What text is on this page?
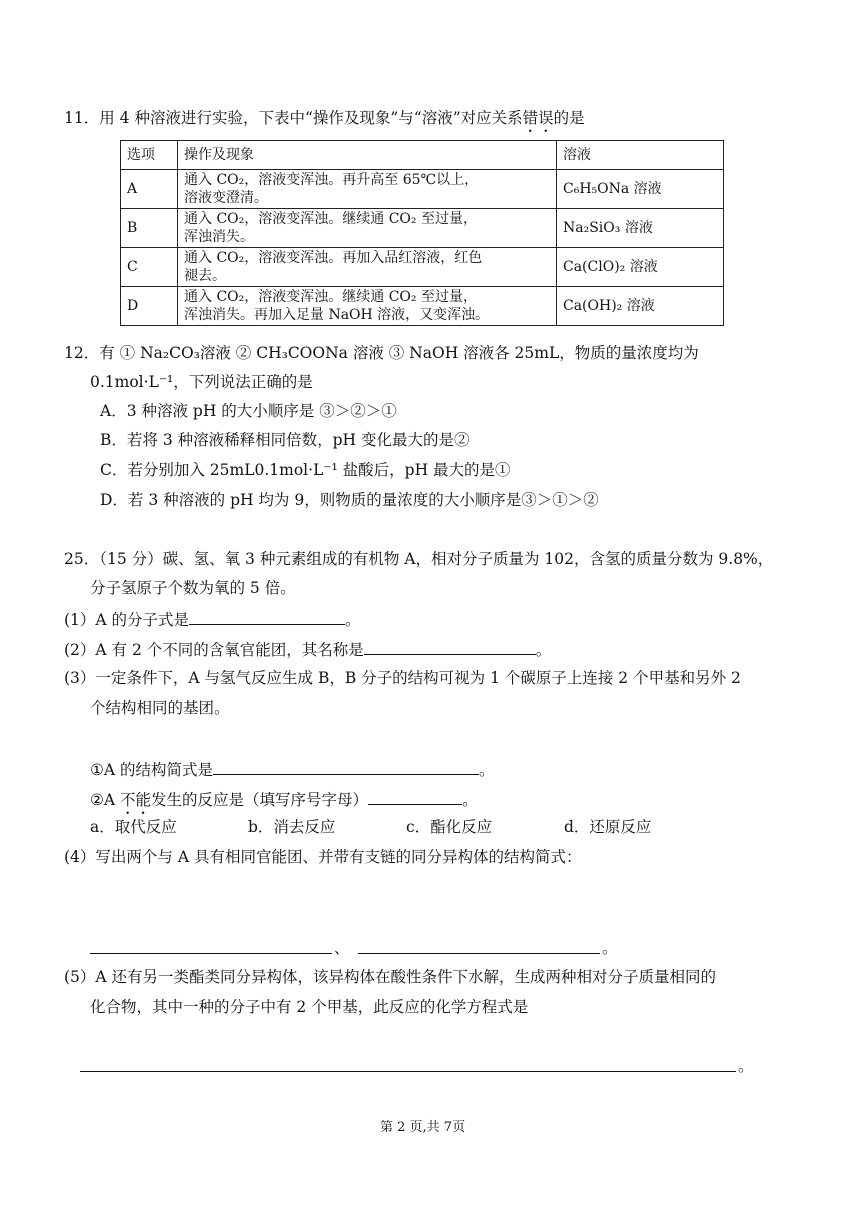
11．用 4 种溶液进行实验，下表中“操作及现象”与“溶液”对应关系错误的是
选项	操作及现象	溶液
A	通入 CO₂，溶液变浑浊。再升高至 65℃以上，
溶液变澄清。	C₆H₅ONa 溶液
B	通入 CO₂，溶液变浑浊。继续通 CO₂ 至过量，
浑浊消失。	Na₂SiO₃ 溶液
C	通入 CO₂，溶液变浑浊。再加入品红溶液，红色
褪去。	Ca(ClO)₂ 溶液
D	通入 CO₂，溶液变浑浊。继续通 CO₂ 至过量，
浑浊消失。再加入足量 NaOH 溶液，又变浑浊。	Ca(OH)₂ 溶液
12．有 ① Na₂CO₃溶液 ② CH₃COONa 溶液 ③ NaOH 溶液各 25mL，物质的量浓度均为
0.1mol·L⁻¹，下列说法正确的是
A．3 种溶液 pH 的大小顺序是 ③＞②＞①
B．若将 3 种溶液稀释相同倍数，pH 变化最大的是②
C．若分别加入 25mL0.1mol·L⁻¹ 盐酸后，pH 最大的是①
D．若 3 种溶液的 pH 均为 9，则物质的量浓度的大小顺序是③＞①＞②
25．（15 分）碳、氢、氧 3 种元素组成的有机物 A，相对分子质量为 102，含氢的质量分数为 9.8%，
分子氢原子个数为氧的 5 倍。
(1）A 的分子式是	。
(2）A 有 2 个不同的含氧官能团，其名称是	。
(3）一定条件下，A 与氢气反应生成 B，B 分子的结构可视为 1 个碳原子上连接 2 个甲基和另外 2
个结构相同的基团。
①A 的结构简式是	。
②A 不能发生的反应是（填写序号字母）	。
a．取代反应	b．消去反应	c．酯化反应	d．还原反应
(4）写出两个与 A 具有相同官能团、并带有支链的同分异构体的结构简式：
、	。
(5）A 还有另一类酯类同分异构体，该异构体在酸性条件下水解，生成两种相对分子质量相同的
化合物，其中一种的分子中有 2 个甲基，此反应的化学方程式是
。
第 2 页,共 7页
